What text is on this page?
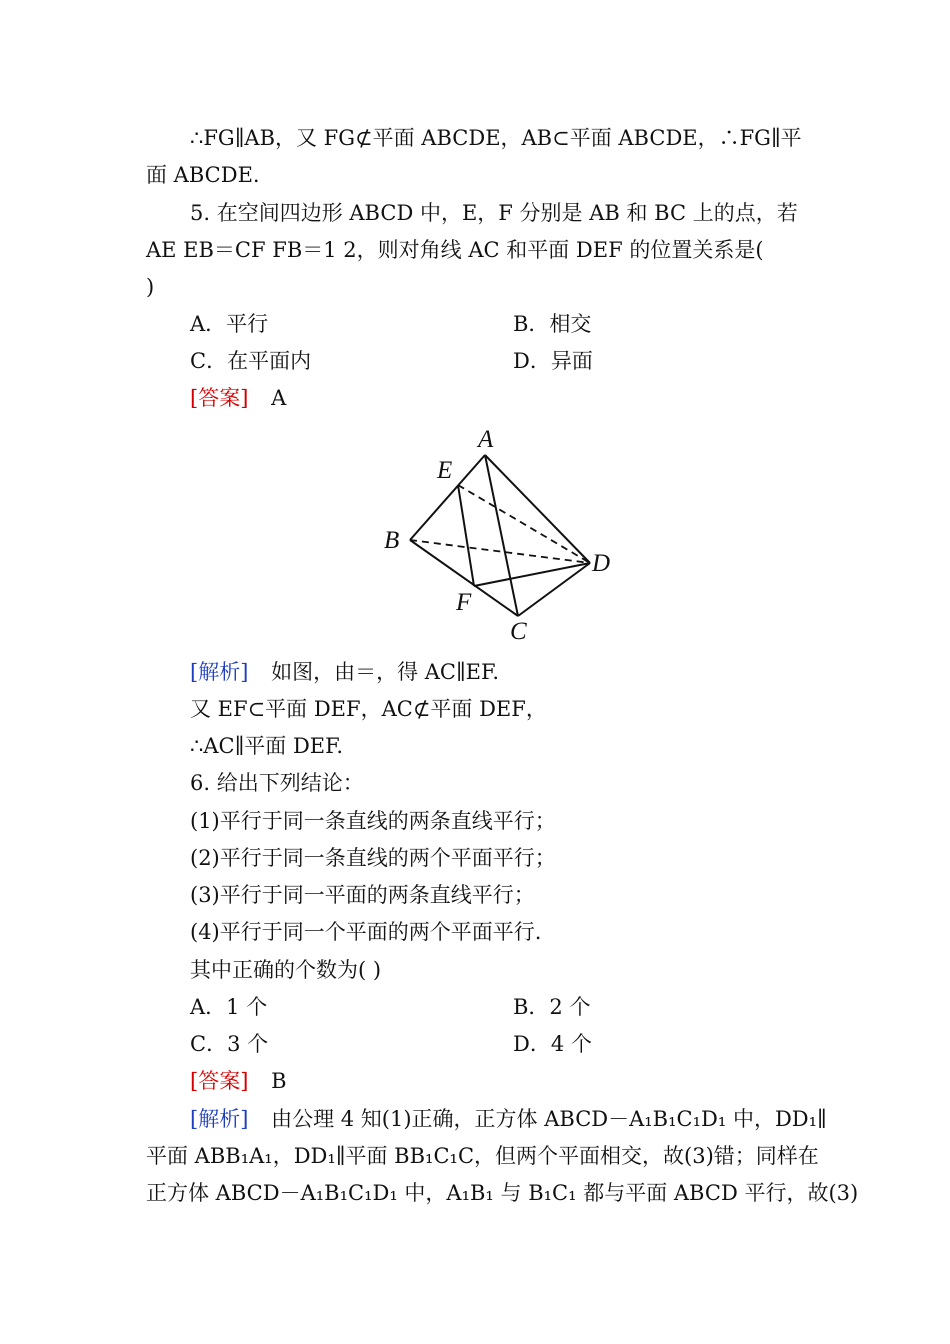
∴FG∥AB，又 FG⊄平面 ABCDE，AB⊂平面 ABCDE，∴FG∥平
面 ABCDE.
5. 在空间四边形 ABCD 中，E，F 分别是 AB 和 BC 上的点，若
AE EB＝CF FB＝1 2，则对角线 AC 和平面 DEF 的位置关系是(
)
A．平行	B．相交
C．在平面内	D．异面
[答案] A
A
E
B
D
F
C
[解析] 如图，由＝，得 AC∥EF.
又 EF⊂平面 DEF，AC⊄平面 DEF，
∴AC∥平面 DEF.
6. 给出下列结论：
(1)平行于同一条直线的两条直线平行；
(2)平行于同一条直线的两个平面平行；
(3)平行于同一平面的两条直线平行；
(4)平行于同一个平面的两个平面平行.
其中正确的个数为( )
A．1 个	B．2 个
C．3 个	D．4 个
[答案] B
[解析] 由公理 4 知(1)正确，正方体 ABCD－A₁B₁C₁D₁ 中，DD₁∥
平面 ABB₁A₁，DD₁∥平面 BB₁C₁C，但两个平面相交，故(3)错；同样在
正方体 ABCD－A₁B₁C₁D₁ 中，A₁B₁ 与 B₁C₁ 都与平面 ABCD 平行，故(3)
